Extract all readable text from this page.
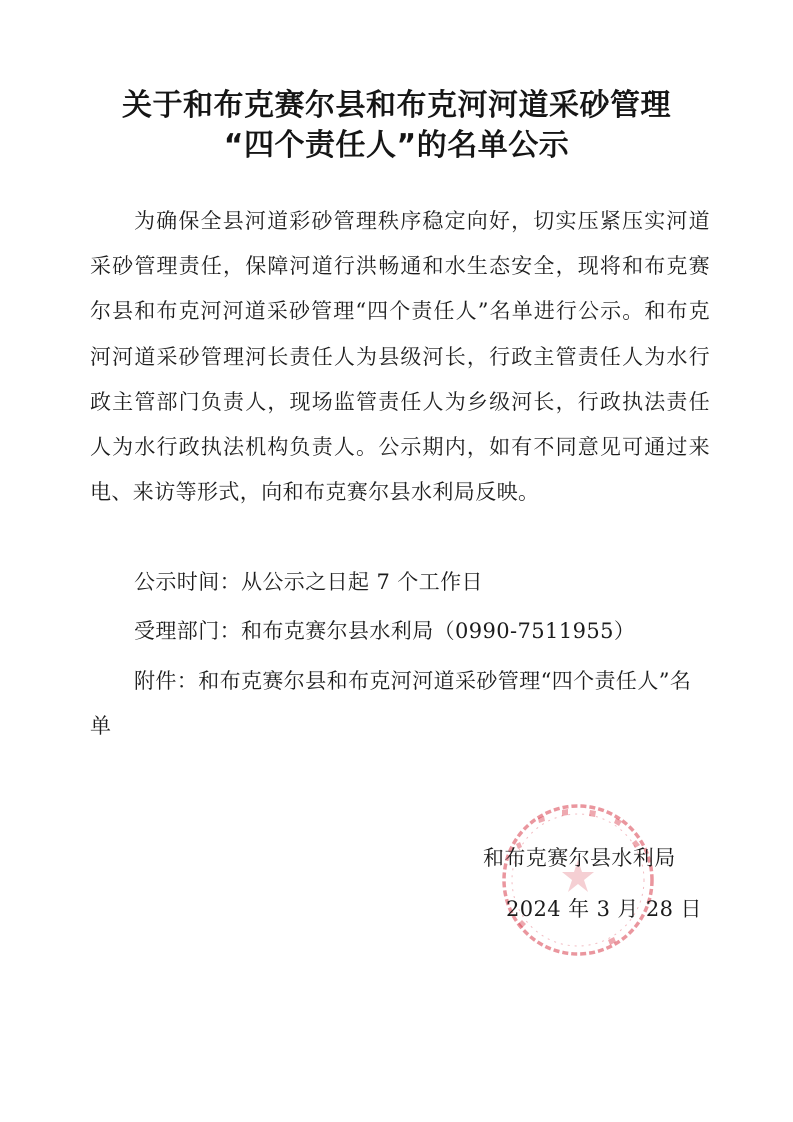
关于和布克赛尔县和布克河河道采砂管理
“四个责任人”的名单公示

为确保全县河道彩砂管理秩序稳定向好，切实压紧压实河道采砂管理责任，保障河道行洪畅通和水生态安全，现将和布克赛尔县和布克河河道采砂管理“四个责任人”名单进行公示。和布克河河道采砂管理河长责任人为县级河长，行政主管责任人为水行政主管部门负责人，现场监管责任人为乡级河长，行政执法责任人为水行政执法机构负责人。公示期内，如有不同意见可通过来电、来访等形式，向和布克赛尔县水利局反映。

公示时间：从公示之日起 7 个工作日
受理部门：和布克赛尔县水利局（0990-7511955）
附件：和布克赛尔县和布克河河道采砂管理“四个责任人”名单
和布克赛尔县水利局
2024 年 3 月 28 日
